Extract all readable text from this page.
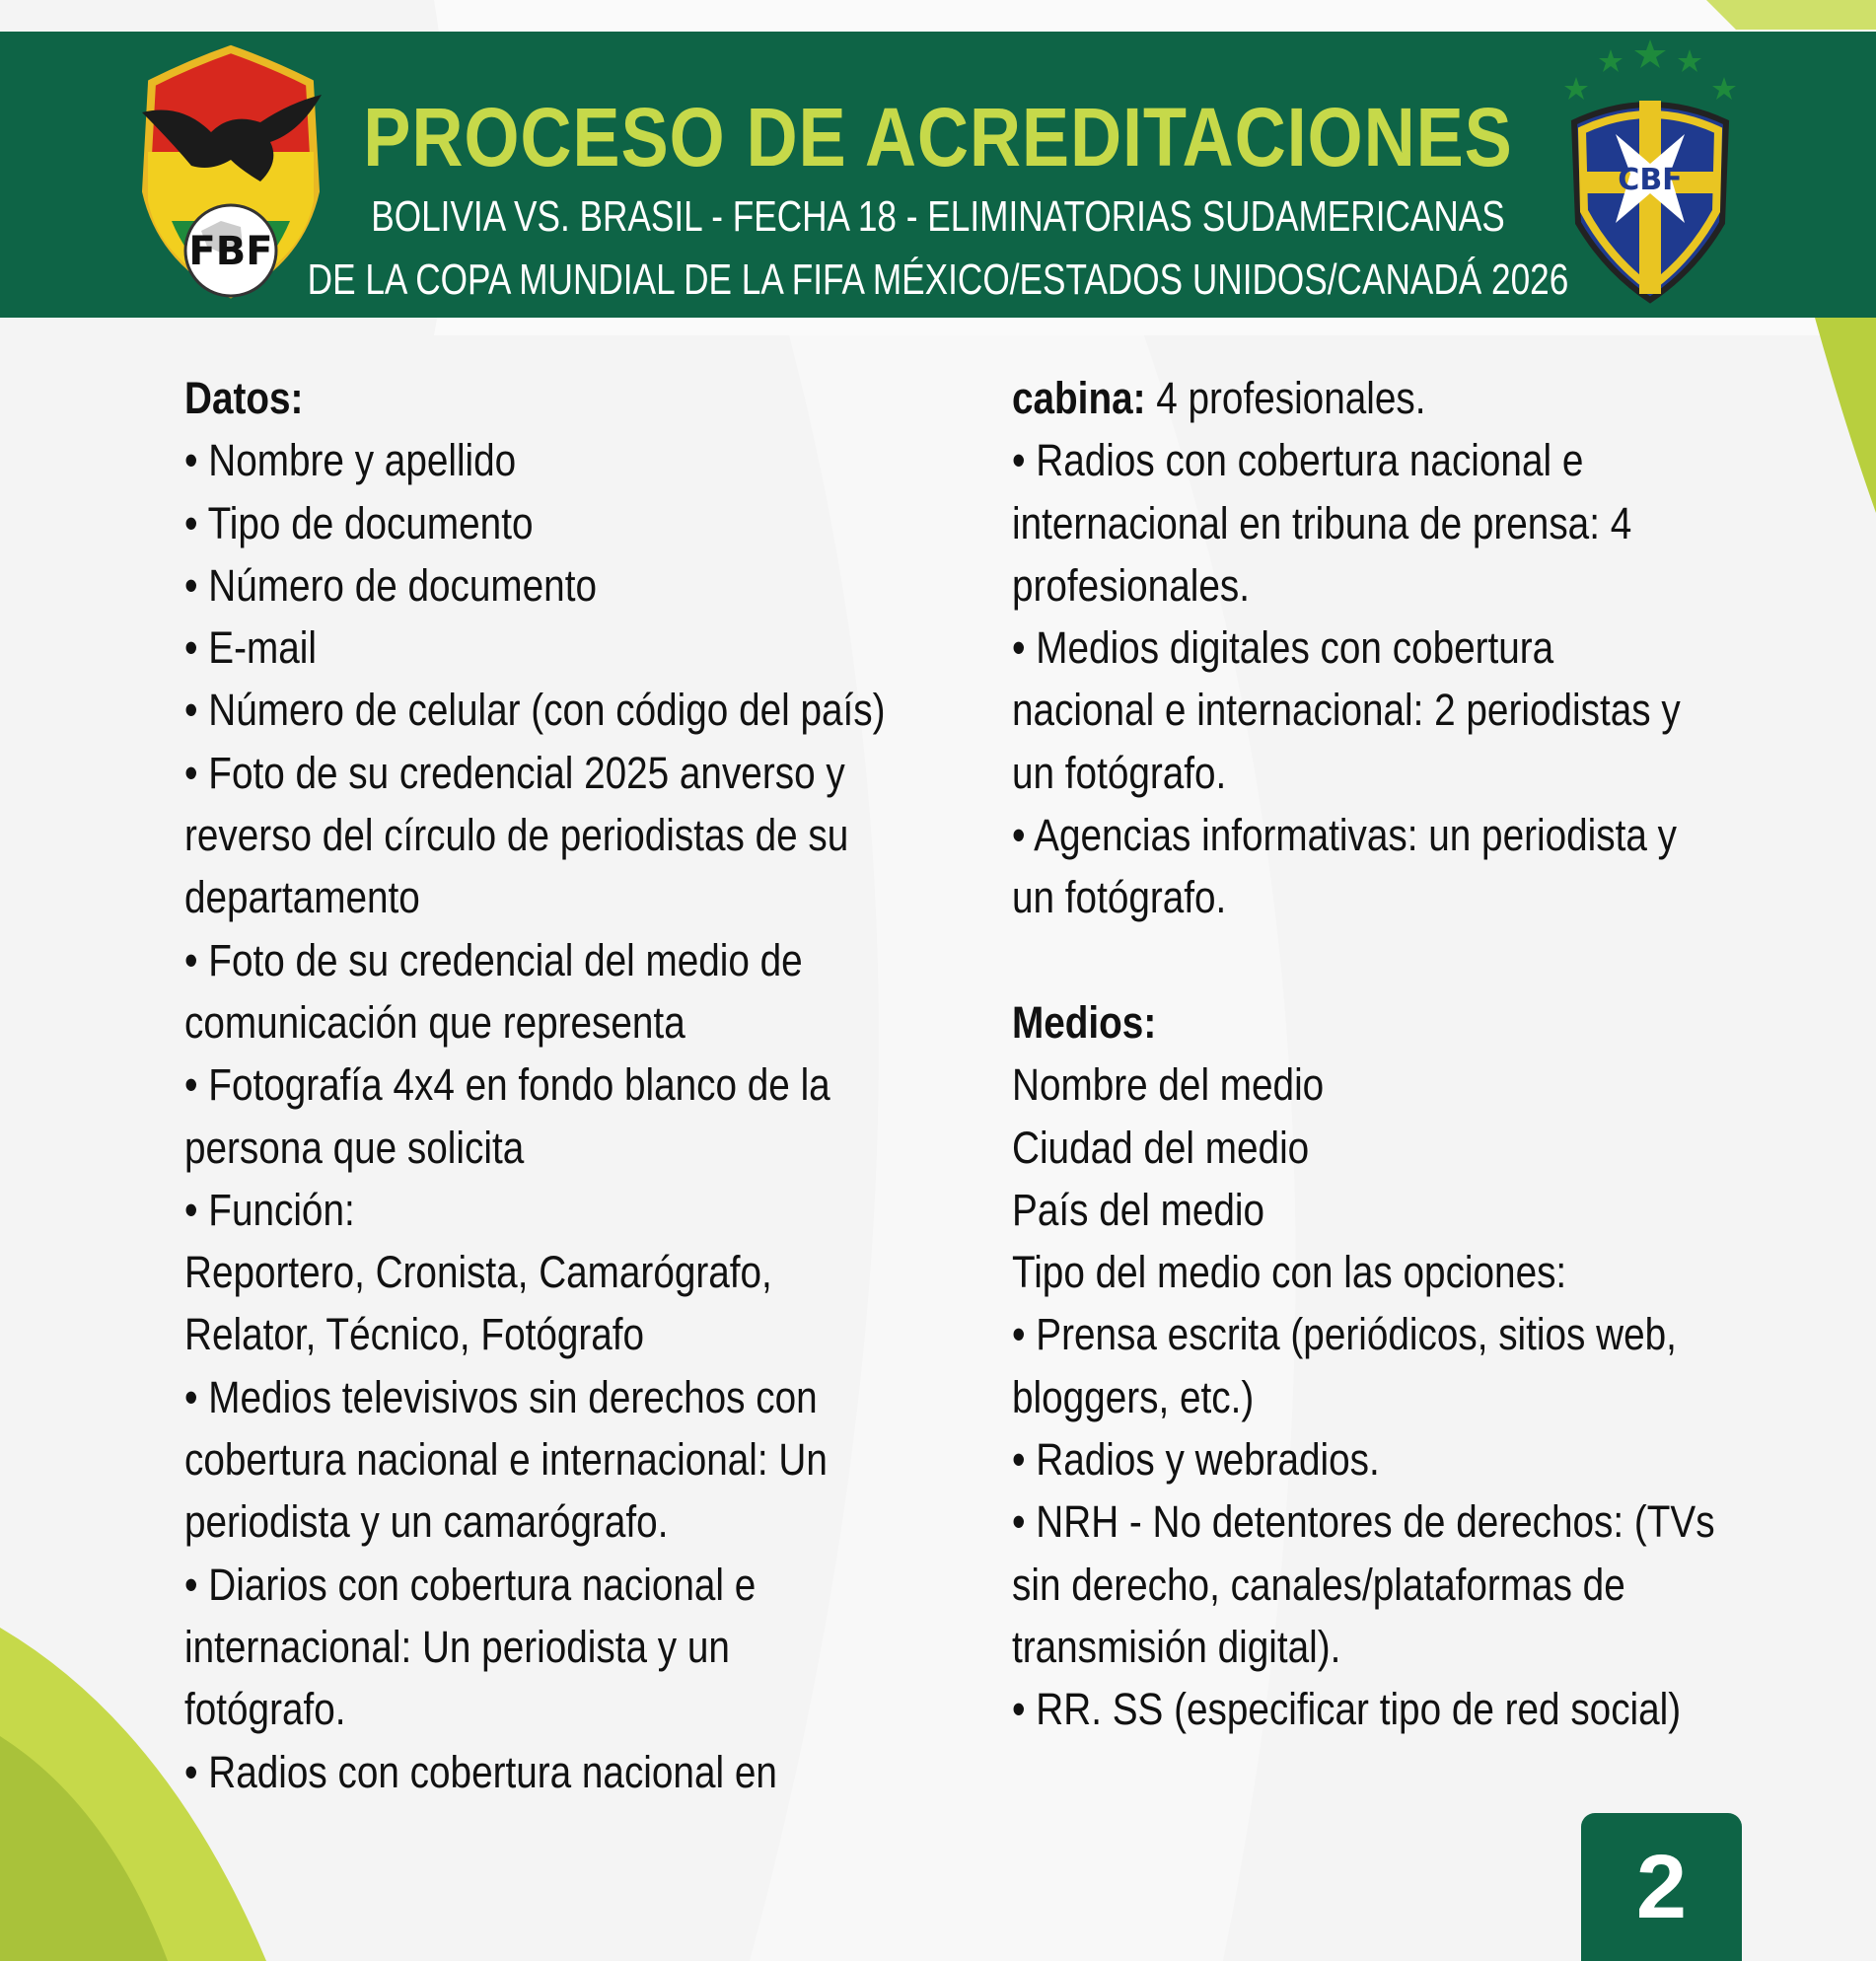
PROCESO DE ACREDITACIONES

BOLIVIA VS. BRASIL - FECHA 18 - ELIMINATORIAS SUDAMERICANAS

DE LA COPA MUNDIAL DE LA FIFA MÉXICO/ESTADOS UNIDOS/CANADÁ 2026

FBF
CBF
Datos:
• Nombre y apellido
• Tipo de documento
• Número de documento
• E-mail
• Número de celular (con código del país)
• Foto de su credencial 2025 anverso y
reverso del círculo de periodistas de su
departamento
• Foto de su credencial del medio de
comunicación que representa
• Fotografía 4x4 en fondo blanco de la
persona que solicita
• Función:
Reportero, Cronista, Camarógrafo,
Relator, Técnico, Fotógrafo
• Medios televisivos sin derechos con
cobertura nacional e internacional: Un
periodista y un camarógrafo.
• Diarios con cobertura nacional e
internacional: Un periodista y un
fotógrafo.
• Radios con cobertura nacional en
cabina: 4 profesionales.
• Radios con cobertura nacional e
internacional en tribuna de prensa: 4
profesionales.
• Medios digitales con cobertura
nacional e internacional: 2 periodistas y
un fotógrafo.
• Agencias informativas: un periodista y
un fotógrafo.
Medios:
Nombre del medio
Ciudad del medio
País del medio
Tipo del medio con las opciones:
• Prensa escrita (periódicos, sitios web,
bloggers, etc.)
• Radios y webradios.
• NRH - No detentores de derechos: (TVs
sin derecho, canales/plataformas de
transmisión digital).
• RR. SS (especificar tipo de red social)
2
